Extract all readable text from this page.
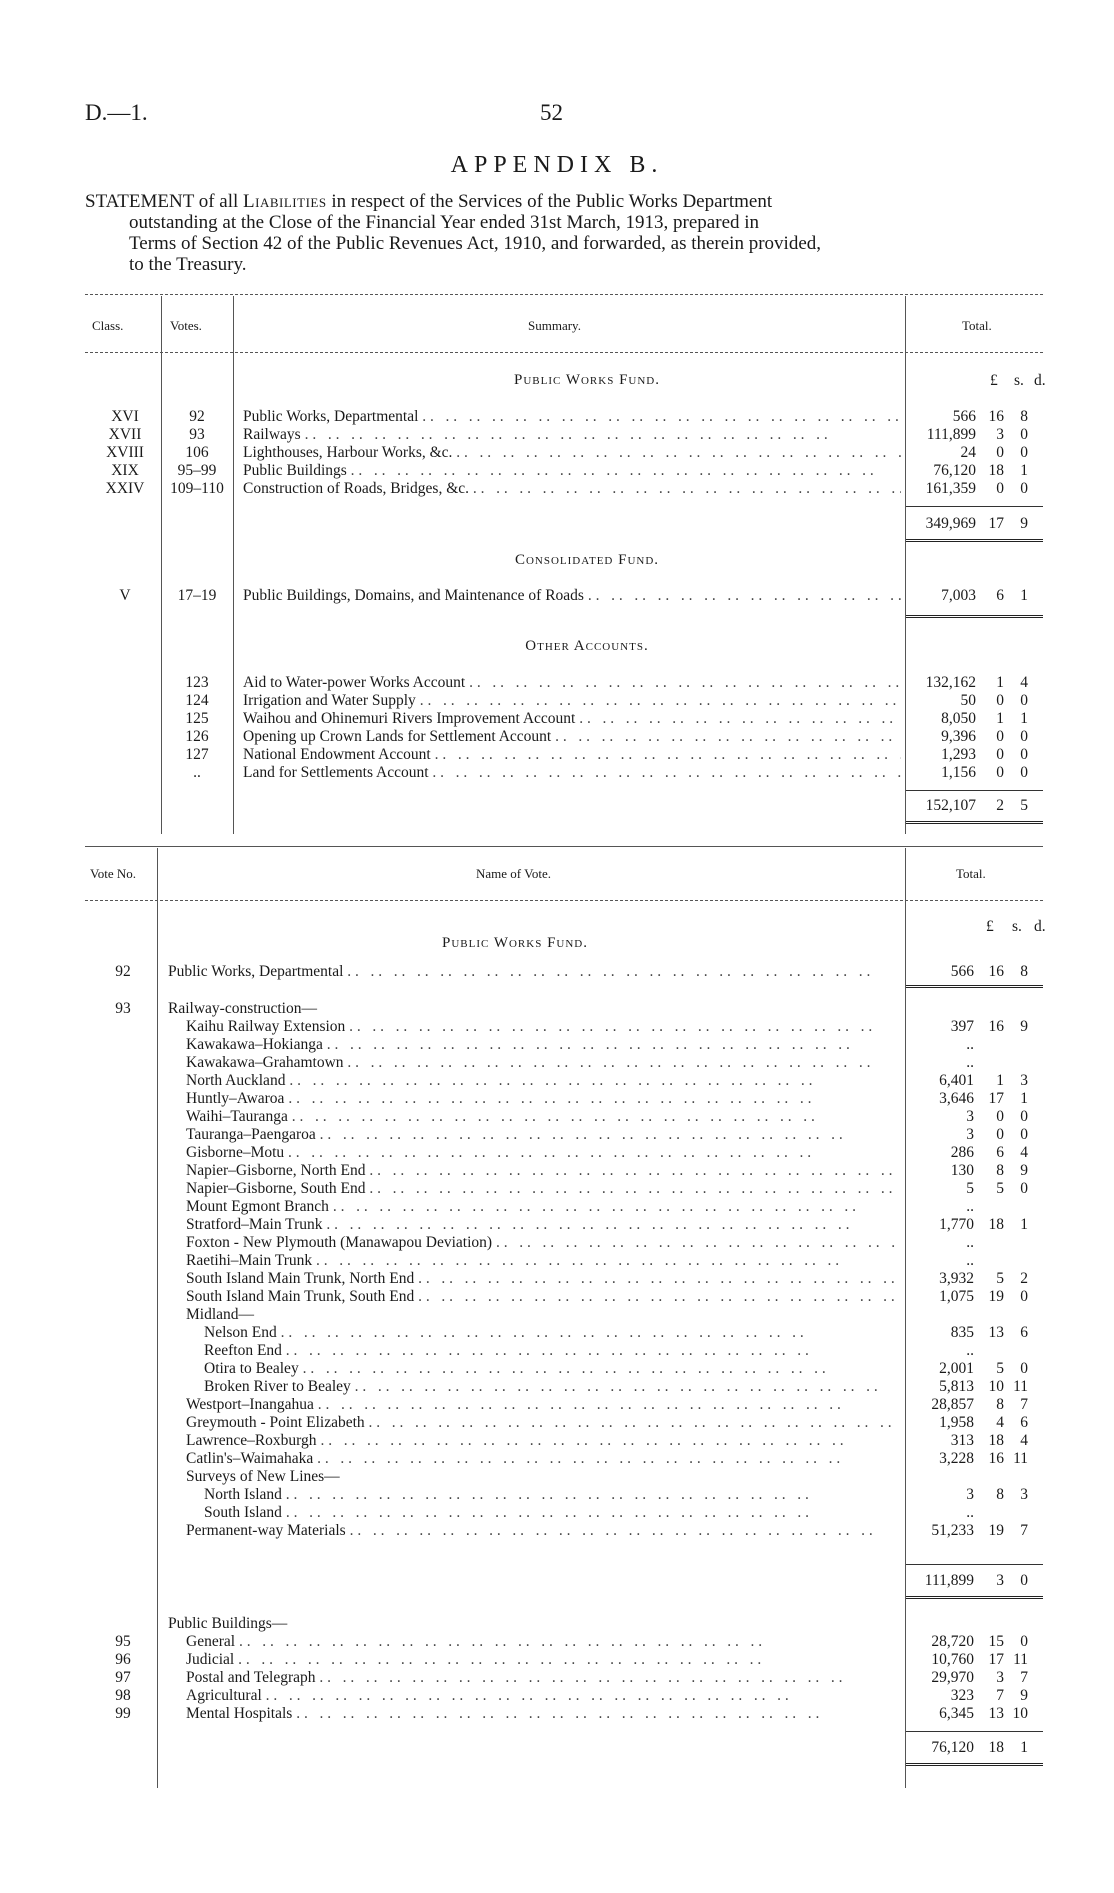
D.—1.	52
APPENDIX B.
STATEMENT of all Liabilities in respect of the Services of the Public Works Department
outstanding at the Close of the Financial Year ended 31st March, 1913, prepared in
Terms of Section 42 of the Public Revenues Act, 1910, and forwarded, as therein provided,
to the Treasury.
Class.	Votes.	Summary.	Total.
£ s. d.
Public Works Fund.
XVI	92	Public Works, Departmental . .	566 16	8
XVII	93	Railways . .	111,899	3	0
XVIII	106	Lighthouses, Harbour Works, &c. . .	24	0	0
XIX	95–99	Public Buildings . .	76,120 18	1
XXIV	109–110	Construction of Roads, Bridges, &c. . .	161,359	0	0
349,969 17	9
Consolidated Fund.
V	17–19	Public Buildings, Domains, and Maintenance of Roads . .	7,003	6	1
Other Accounts.
123	Aid to Water-power Works Account . .	132,162	1	4
124	Irrigation and Water Supply . .	50	0	0
125	Waihou and Ohinemuri Rivers Improvement Account . .	8,050	1	1
126	Opening up Crown Lands for Settlement Account . .	9,396	0	0
127	National Endowment Account . .	1,293	0	0
..	Land for Settlements Account . .	1,156	0	0
152,107	2	5
Vote No.	Name of Vote.	Total.
£ s. d.
Public Works Fund.
92	Public Works, Departmental . .	566 16	8
93	Railway-construction—
Kaihu Railway Extension . .	397 16	9
Kawakawa–Hokianga . .	..
Kawakawa–Grahamtown . .	..
North Auckland . .	6,401	1	3
Huntly–Awaroa . .	3,646 17	1
Waihi–Tauranga . .	3	0	0
Tauranga–Paengaroa . .	3	0	0
Gisborne–Motu . .	286	6	4
Napier–Gisborne, North End . .	130	8	9
Napier–Gisborne, South End . .	5	5	0
Mount Egmont Branch . .	..
Stratford–Main Trunk . .	1,770 18	1
Foxton - New Plymouth (Manawapou Deviation) . .	..
Raetihi–Main Trunk . .	..
South Island Main Trunk, North End . .	3,932	5	2
South Island Main Trunk, South End . .	1,075 19	0
Midland—
Nelson End . .	835 13	6
Reefton End . .	..
Otira to Bealey . .	2,001	5	0
Broken River to Bealey . .	5,813 10 11
Westport–Inangahua . .	28,857	8	7
Greymouth - Point Elizabeth . .	1,958	4	6
Lawrence–Roxburgh . .	313 18	4
Catlin's–Waimahaka . .	3,228 16 11
Surveys of New Lines—
North Island . .	3	8	3
South Island . .	..
Permanent-way Materials . .	51,233 19	7
111,899	3	0
Public Buildings—
95	General . .	28,720 15	0
96	Judicial . .	10,760 17 11
97	Postal and Telegraph . .	29,970	3	7
98	Agricultural . .	323	7	9
99	Mental Hospitals . .	6,345 13 10
76,120 18	1
